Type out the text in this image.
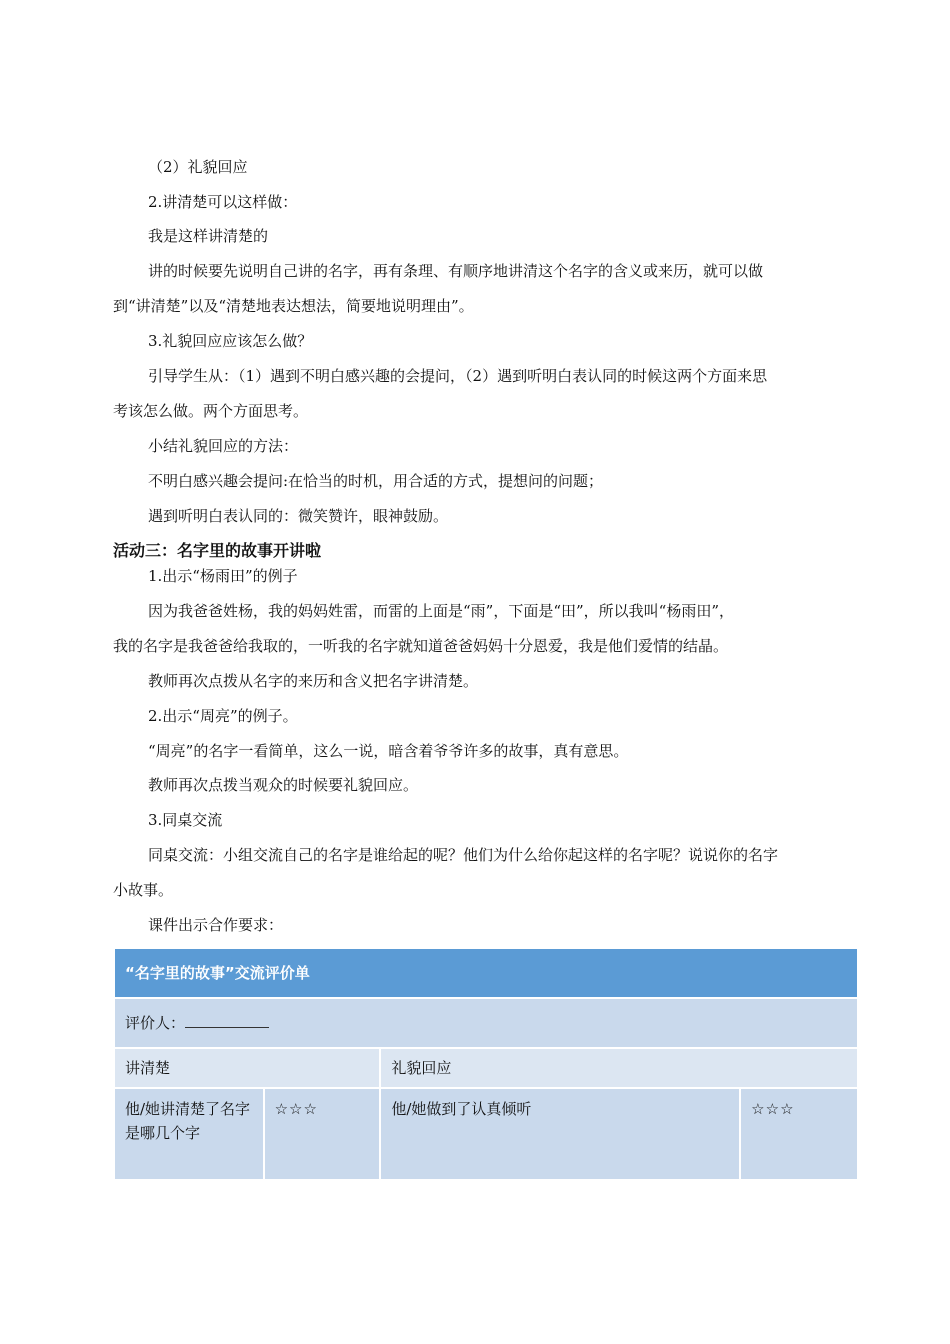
（2）礼貌回应

2.讲清楚可以这样做：

我是这样讲清楚的

讲的时候要先说明自己讲的名字，再有条理、有顺序地讲清这个名字的含义或来历，就可以做

到“讲清楚”以及“清楚地表达想法，简要地说明理由”。

3.礼貌回应应该怎么做？

引导学生从：（1）遇到不明白感兴趣的会提问，（2）遇到听明白表认同的时候这两个方面来思

考该怎么做。两个方面思考。

小结礼貌回应的方法：

不明白感兴趣会提问:在恰当的时机，用合适的方式，提想问的问题；

遇到听明白表认同的：微笑赞许，眼神鼓励。

活动三：名字里的故事开讲啦

1.出示“杨雨田”的例子

因为我爸爸姓杨，我的妈妈姓雷，而雷的上面是“雨”，下面是“田”，所以我叫“杨雨田”，

我的名字是我爸爸给我取的，一听我的名字就知道爸爸妈妈十分恩爱，我是他们爱情的结晶。

教师再次点拨从名字的来历和含义把名字讲清楚。

2.出示“周亮”的例子。

“周亮”的名字一看简单，这么一说，暗含着爷爷许多的故事，真有意思。

教师再次点拨当观众的时候要礼貌回应。

3.同桌交流

同桌交流：小组交流自己的名字是谁给起的呢？他们为什么给你起这样的名字呢？说说你的名字

小故事。

课件出示合作要求：

“名字里的故事”交流评价单			
评价人：			
讲清楚		礼貌回应	
他/她讲清楚了名字是哪几个字	☆☆☆	他/她做到了认真倾听	☆☆☆
